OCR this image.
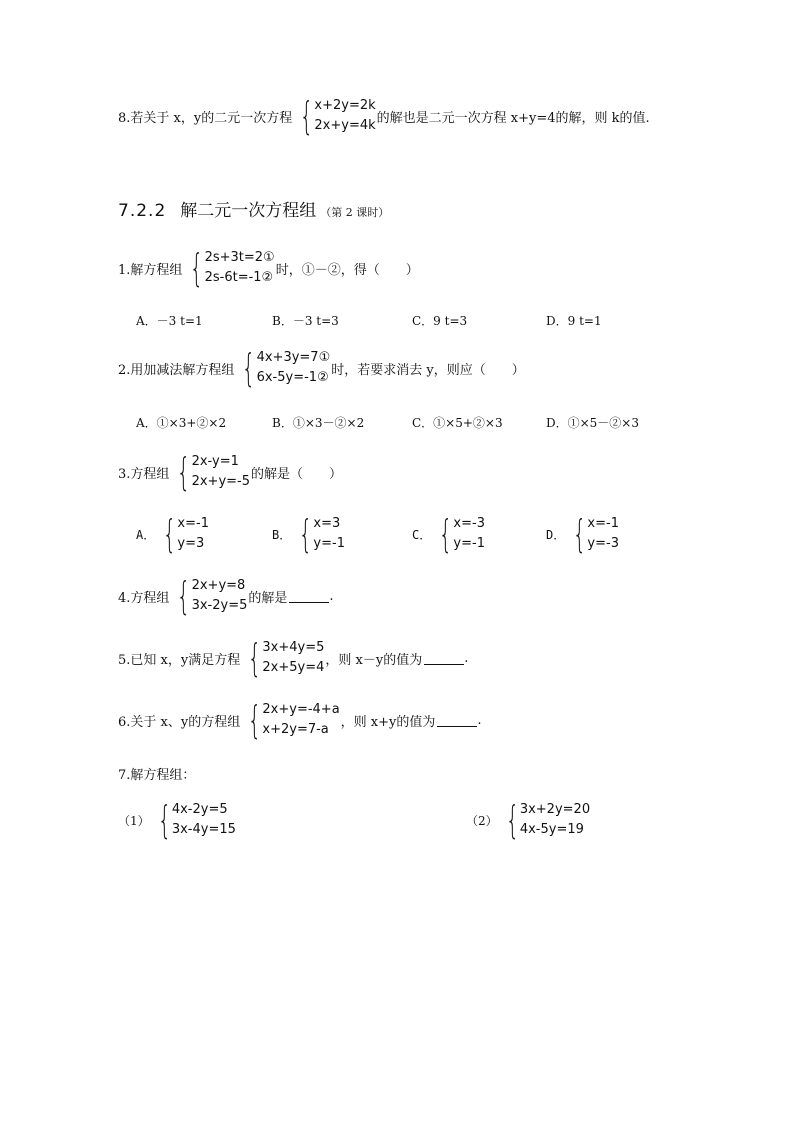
8.若关于 x，y的二元一次方程 { x+2y=2k
2x+y=4k 的解也是二元一次方程 x+y=4的解，则 k的值.
7.2.2 解二元一次方程组 （第 2 课时）
1.解方程组 { 2s+3t=2①
2s-6t=-1② 时，①－②，得（　　）
A．－3 t=1	B．－3 t=3	C．9 t=3	D．9 t=1
2.用加减法解方程组 { 4x+3y=7①
6x-5y=-1② 时，若要求消去 y，则应（　　）
A．①×3+②×2	B．①×3－②×2	C．①×5+②×3	D．①×5－②×3
3.方程组 { 2x-y=1
2x+y=-5 的解是（　　）
A． { x=-1
y=3
B． { x=3
y=-1
C． { x=-3
y=-1
D． { x=-1
y=-3
4.方程组 { 2x+y=8
3x-2y=5 的解是	.
5.已知 x，y满足方程 { 3x+4y=5
2x+5y=4 ，则 x－y的值为	.
6.关于 x、y的方程组 { 2x+y=-4+a
x+2y=7-a ，则 x+y的值为	.
7.解方程组：
（1） { 4x-2y=5
3x-4y=15
（2） { 3x+2y=20
4x-5y=19
